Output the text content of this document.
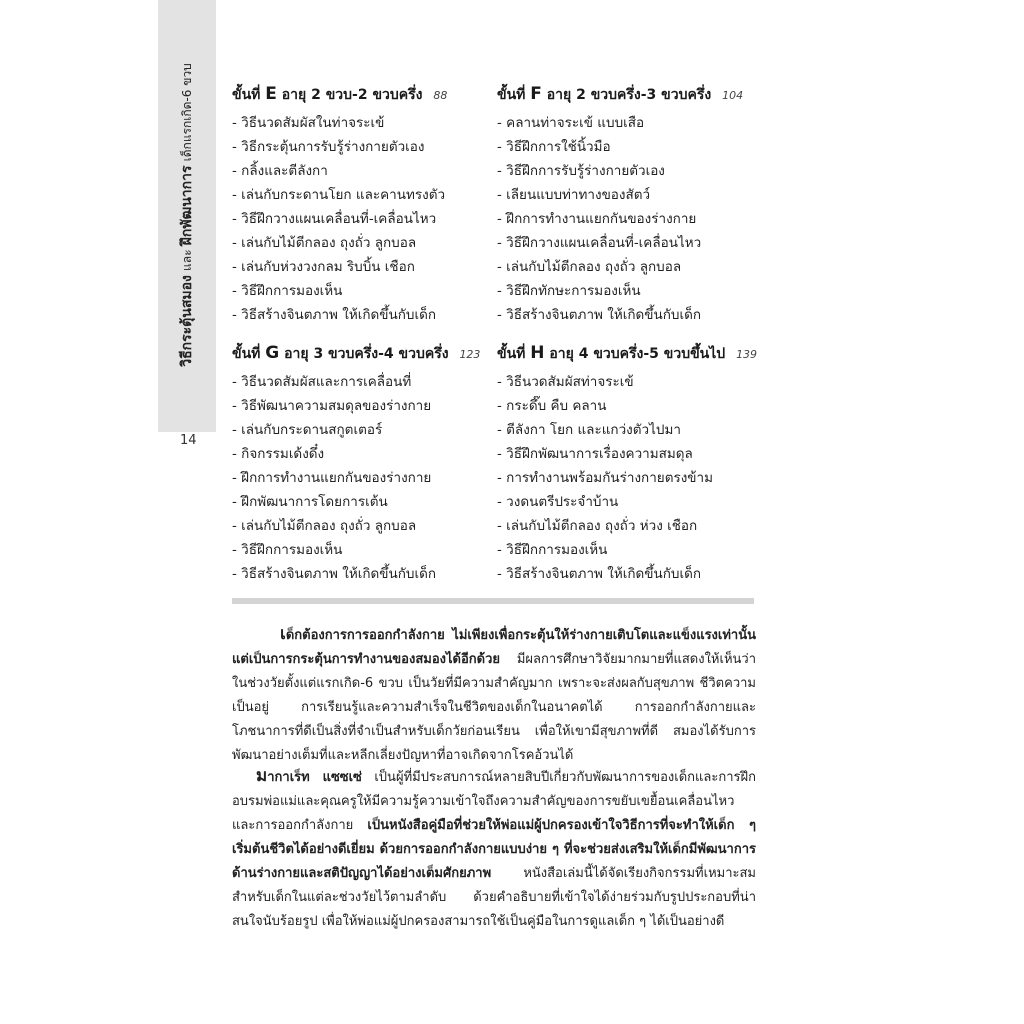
วิธีกระตุ้นสมอง และ ฝึกพัฒนาการ เด็กแรกเกิด-6 ขวบ
14
ขั้นที่ E อายุ 2 ขวบ-2 ขวบครึ่ง 88
- วิธีนวดสัมผัสในท่าจระเข้
- วิธีกระตุ้นการรับรู้ร่างกายตัวเอง
- กลิ้งและตีลังกา
- เล่นกับกระดานโยก และคานทรงตัว
- วิธีฝึกวางแผนเคลื่อนที่-เคลื่อนไหว
- เล่นกับไม้ตีกลอง ถุงถั่ว ลูกบอล
- เล่นกับห่วงวงกลม ริบบิ้น เชือก
- วิธีฝึกการมองเห็น
- วิธีสร้างจินตภาพ ให้เกิดขึ้นกับเด็ก
ขั้นที่ F อายุ 2 ขวบครึ่ง-3 ขวบครึ่ง 104
- คลานท่าจระเข้ แบบเสือ
- วิธีฝึกการใช้นิ้วมือ
- วิธีฝึกการรับรู้ร่างกายตัวเอง
- เลียนแบบท่าทางของสัตว์
- ฝึกการทำงานแยกกันของร่างกาย
- วิธีฝึกวางแผนเคลื่อนที่-เคลื่อนไหว
- เล่นกับไม้ตีกลอง ถุงถั่ว ลูกบอล
- วิธีฝึกทักษะการมองเห็น
- วิธีสร้างจินตภาพ ให้เกิดขึ้นกับเด็ก
ขั้นที่ G อายุ 3 ขวบครึ่ง-4 ขวบครึ่ง 123
- วิธีนวดสัมผัสและการเคลื่อนที่
- วิธีพัฒนาความสมดุลของร่างกาย
- เล่นกับกระดานสกูตเตอร์
- กิจกรรมเด้งดึ๋ง
- ฝึกการทำงานแยกกันของร่างกาย
- ฝึกพัฒนาการโดยการเต้น
- เล่นกับไม้ตีกลอง ถุงถั่ว ลูกบอล
- วิธีฝึกการมองเห็น
- วิธีสร้างจินตภาพ ให้เกิดขึ้นกับเด็ก
ขั้นที่ H อายุ 4 ขวบครึ่ง-5 ขวบขึ้นไป 139
- วิธีนวดสัมผัสท่าจระเข้
- กระดึ๊บ คืบ คลาน
- ตีลังกา โยก และแกว่งตัวไปมา
- วิธีฝึกพัฒนาการเรื่องความสมดุล
- การทำงานพร้อมกันร่างกายตรงข้าม
- วงดนตรีประจำบ้าน
- เล่นกับไม้ตีกลอง ถุงถั่ว ห่วง เชือก
- วิธีฝึกการมองเห็น
- วิธีสร้างจินตภาพ ให้เกิดขึ้นกับเด็ก

เด็กต้องการการออกกำลังกาย ไม่เพียงเพื่อกระตุ้นให้ร่างกายเติบโตและแข็งแรงเท่านั้น แต่เป็นการกระตุ้นการทำงานของสมองได้อีกด้วย มีผลการศึกษาวิจัยมากมายที่แสดงให้เห็นว่าในช่วงวัยตั้งแต่แรกเกิด-6 ขวบ เป็นวัยที่มีความสำคัญมาก เพราะจะส่งผลกับสุขภาพ ชีวิตความเป็นอยู่ การเรียนรู้และความสำเร็จในชีวิตของเด็กในอนาคตได้ การออกกำลังกายและโภชนาการที่ดีเป็นสิ่งที่จำเป็นสำหรับเด็กวัยก่อนเรียน เพื่อให้เขามีสุขภาพที่ดี สมองได้รับการพัฒนาอย่างเต็มที่และหลีกเลี่ยงปัญหาที่อาจเกิดจากโรคอ้วนได้

มากาเร็ท แซซเซ่ เป็นผู้ที่มีประสบการณ์หลายสิบปีเกี่ยวกับพัฒนาการของเด็กและการฝึกอบรมพ่อแม่และคุณครูให้มีความรู้ความเข้าใจถึงความสำคัญของการขยับเขยื้อนเคลื่อนไหวและการออกกำลังกาย เป็นหนังสือคู่มือที่ช่วยให้พ่อแม่ผู้ปกครองเข้าใจวิธีการที่จะทำให้เด็ก ๆ เริ่มต้นชีวิตได้อย่างดีเยี่ยม ด้วยการออกกำลังกายแบบง่าย ๆ ที่จะช่วยส่งเสริมให้เด็กมีพัฒนาการด้านร่างกายและสติปัญญาได้อย่างเต็มศักยภาพ หนังสือเล่มนี้ได้จัดเรียงกิจกรรมที่เหมาะสมสำหรับเด็กในแต่ละช่วงวัยไว้ตามลำดับ ด้วยคำอธิบายที่เข้าใจได้ง่ายร่วมกับรูปประกอบที่น่าสนใจนับร้อยรูป เพื่อให้พ่อแม่ผู้ปกครองสามารถใช้เป็นคู่มือในการดูแลเด็ก ๆ ได้เป็นอย่างดี
